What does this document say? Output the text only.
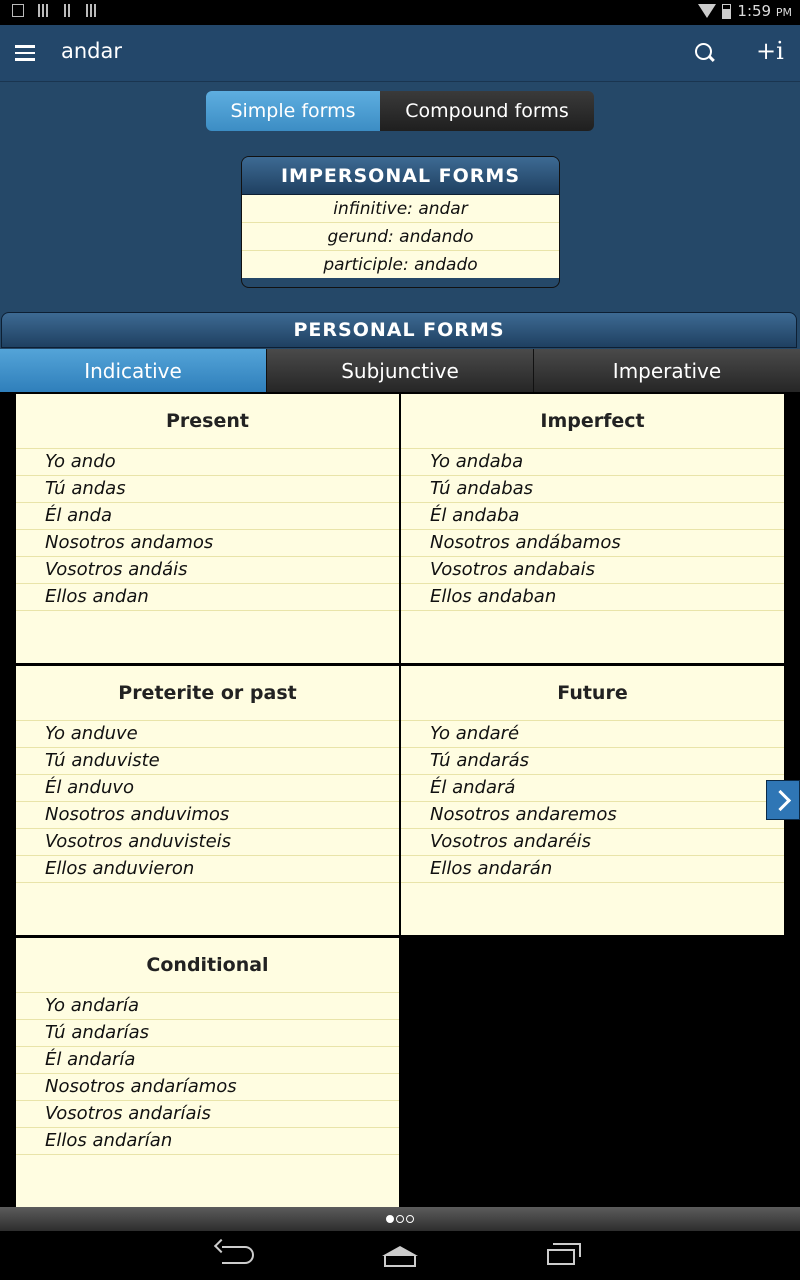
1:59 PM
andar	+i
Simple forms	Compound forms
IMPERSONAL FORMS
infinitive: andar
gerund: andando
participle: andado
PERSONAL FORMS
Indicative	Subjunctive	Imperative
Present
Yo ando
Tú andas
Él anda
Nosotros andamos
Vosotros andáis
Ellos andan
Imperfect
Yo andaba
Tú andabas
Él andaba
Nosotros andábamos
Vosotros andabais
Ellos andaban
Preterite or past
Yo anduve
Tú anduviste
Él anduvo
Nosotros anduvimos
Vosotros anduvisteis
Ellos anduvieron
Future
Yo andaré
Tú andarás
Él andará
Nosotros andaremos
Vosotros andaréis
Ellos andarán
Conditional
Yo andaría
Tú andarías
Él andaría
Nosotros andaríamos
Vosotros andaríais
Ellos andarían
